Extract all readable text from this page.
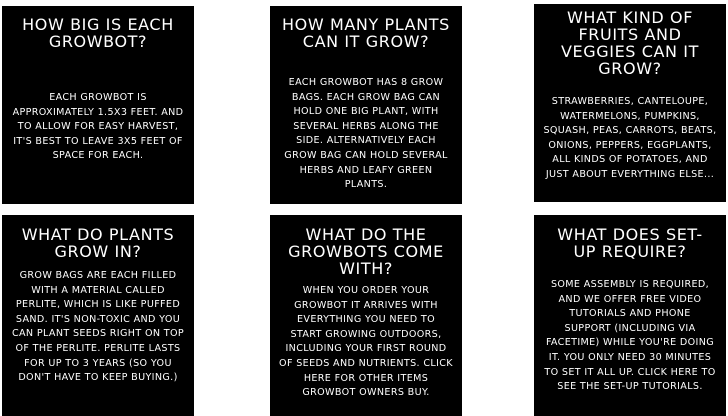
HOW BIG IS EACH
GROWBOT?

EACH GROWBOT IS
APPROXIMATELY 1.5X3 FEET. AND
TO ALLOW FOR EASY HARVEST,
IT'S BEST TO LEAVE 3X5 FEET OF
SPACE FOR EACH.

HOW MANY PLANTS
CAN IT GROW?

EACH GROWBOT HAS 8 GROW
BAGS. EACH GROW BAG CAN
HOLD ONE BIG PLANT, WITH
SEVERAL HERBS ALONG THE
SIDE. ALTERNATIVELY EACH
GROW BAG CAN HOLD SEVERAL
HERBS AND LEAFY GREEN
PLANTS.

WHAT KIND OF
FRUITS AND
VEGGIES CAN IT
GROW?

STRAWBERRIES, CANTELOUPE,
WATERMELONS, PUMPKINS,
SQUASH, PEAS, CARROTS, BEATS,
ONIONS, PEPPERS, EGGPLANTS,
ALL KINDS OF POTATOES, AND
JUST ABOUT EVERYTHING ELSE...

WHAT DO PLANTS
GROW IN?

GROW BAGS ARE EACH FILLED
WITH A MATERIAL CALLED
PERLITE, WHICH IS LIKE PUFFED
SAND. IT'S NON-TOXIC AND YOU
CAN PLANT SEEDS RIGHT ON TOP
OF THE PERLITE. PERLITE LASTS
FOR UP TO 3 YEARS (SO YOU
DON'T HAVE TO KEEP BUYING.)

WHAT DO THE
GROWBOTS COME
WITH?

WHEN YOU ORDER YOUR
GROWBOT IT ARRIVES WITH
EVERYTHING YOU NEED TO
START GROWING OUTDOORS,
INCLUDING YOUR FIRST ROUND
OF SEEDS AND NUTRIENTS. CLICK
HERE FOR OTHER ITEMS
GROWBOT OWNERS BUY.

WHAT DOES SET-
UP REQUIRE?

SOME ASSEMBLY IS REQUIRED,
AND WE OFFER FREE VIDEO
TUTORIALS AND PHONE
SUPPORT (INCLUDING VIA
FACETIME) WHILE YOU'RE DOING
IT. YOU ONLY NEED 30 MINUTES
TO SET IT ALL UP. CLICK HERE TO
SEE THE SET-UP TUTORIALS.
